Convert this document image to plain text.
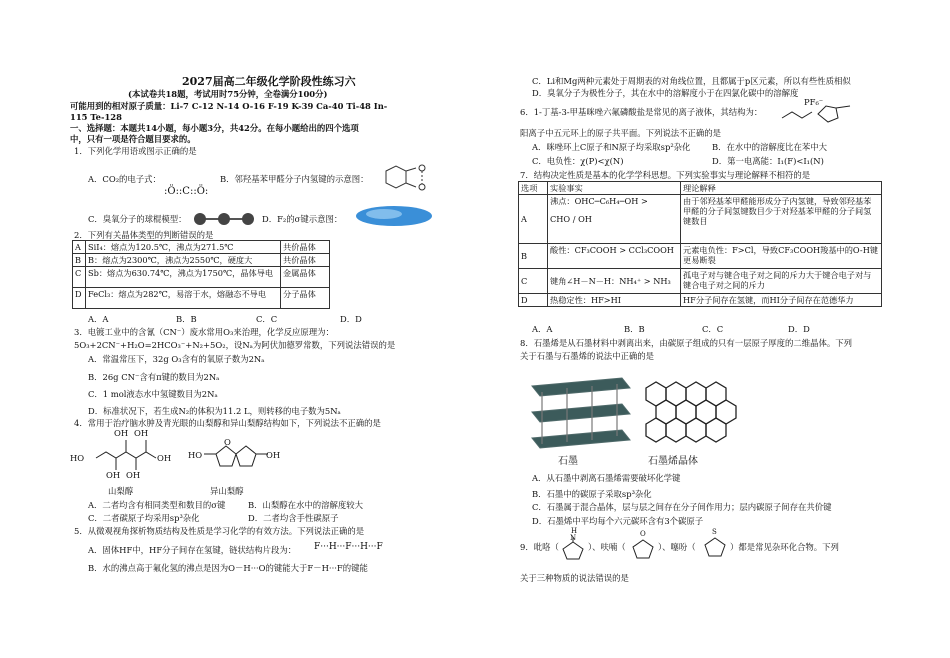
2027届高二年级化学阶段性练习六
(本试卷共18题，考试用时75分钟，全卷满分100分)
可能用到的相对原子质量：Li-7 C-12 N-14 O-16 F-19 K-39 Ca-40 Ti-48 In-
115 Te-128
一、选择题：本题共14小题，每小题3分，共42分。在每小题给出的四个选项
中，只有一项是符合题目要求的。
1．下列化学用语或图示正确的是
A．CO₂的电子式：
:Ö::C::Ö:
B．邻羟基苯甲醛分子内氢键的示意图：
C．臭氧分子的球棍模型：	D．F₂的σ键示意图：
2．下列有关晶体类型的判断错误的是
A	SiI₄：熔点为120.5℃，沸点为271.5℃	共价晶体
B	B：熔点为2300℃，沸点为2550℃，硬度大	共价晶体
C	Sb：熔点为630.74℃，沸点为1750℃，晶体导电	金属晶体
D	FeCl₃：熔点为282℃，易溶于水，熔融态不导电	分子晶体
A．A	B．B	C．C	D．D
3．电镀工业中的含氰（CN⁻）废水常用O₃来治理，化学反应原理为：
5O₃+2CN⁻+H₂O=2HCO₃⁻+N₂+5O₂，设Nₐ为阿伏加德罗常数，下列说法错误的是
A．常温常压下，32g O₃含有的氧原子数为2Nₐ
B．26g CN⁻含有π键的数目为2Nₐ
C．1 mol液态水中氢键数目为2Nₐ
D．标准状况下，若生成N₂的体积为11.2 L，则转移的电子数为5Nₐ
4．常用于治疗脑水肿及青光眼的山梨醇和异山梨醇结构如下，下列说法不正确的是
OH OH
HO	OH
OH OH
山梨醇
O
HO	OH
异山梨醇
A．二者均含有相同类型和数目的σ键	B．山梨醇在水中的溶解度较大
C．二者碳原子均采用sp³杂化	D．二者均含手性碳原子
5．从微观视角探析物质结构及性质是学习化学的有效方法。下列说法正确的是
A．固体HF中，HF分子间存在氢键，链状结构片段为： F···H···F···H···F
B．水的沸点高于氟化氢的沸点是因为O－H···O的键能大于F－H···F的键能
C．Li和Mg两种元素处于周期表的对角线位置，且都属于p区元素，所以有些性质相似
D．臭氧分子为极性分子，其在水中的溶解度小于在四氯化碳中的溶解度
6．1-丁基-3-甲基咪唑六氟磷酸盐是常见的离子液体，其结构为：
PF₆⁻
阳离子中五元环上的原子共平面。下列说法不正确的是
A．咪唑环上C原子和N原子均采取sp²杂化	B．在水中的溶解度比在苯中大
C．电负性：χ(P)<χ(N)	D．第一电离能：I₁(F)<I₁(N)
7．结构决定性质是基本的化学学科思想。下列实验事实与理论解释不相符的是
选项	实验事实	理论解释
A	沸点：OHC─C₆H₄─OH >
CHO / OH	由于邻羟基苯甲醛能形成分子内氢键，导致邻羟基苯甲醛的分子间氢键数目少于对羟基苯甲醛的分子间氢键数目
B	酸性：CF₃COOH > CCl₃COOH	元素电负性：F>Cl，导致CF₃COOH羧基中的O-H键更易断裂
C	键角∠H－N－H：NH₄⁺ > NH₃	孤电子对与键合电子对之间的斥力大于键合电子对与键合电子对之间的斥力
D	热稳定性：HF>HI	HF分子间存在氢键，而HI分子间存在范德华力
A．A	B．B	C．C	D．D
8．石墨烯是从石墨材料中剥离出来，由碳原子组成的只有一层原子厚度的二维晶体。下列
关于石墨与石墨烯的说法中正确的是
石墨	石墨烯晶体
A．从石墨中剥离石墨烯需要破坏化学键
B．石墨中的碳原子采取sp³杂化
C．石墨属于混合晶体，层与层之间存在分子间作用力；层内碳原子间存在共价键
D．石墨烯中平均每个六元碳环含有3个碳原子
9．吡咯（
H
N
）、呋喃（
O
）、噻吩（
S
）都是常见杂环化合物。下列
关于三种物质的说法错误的是
